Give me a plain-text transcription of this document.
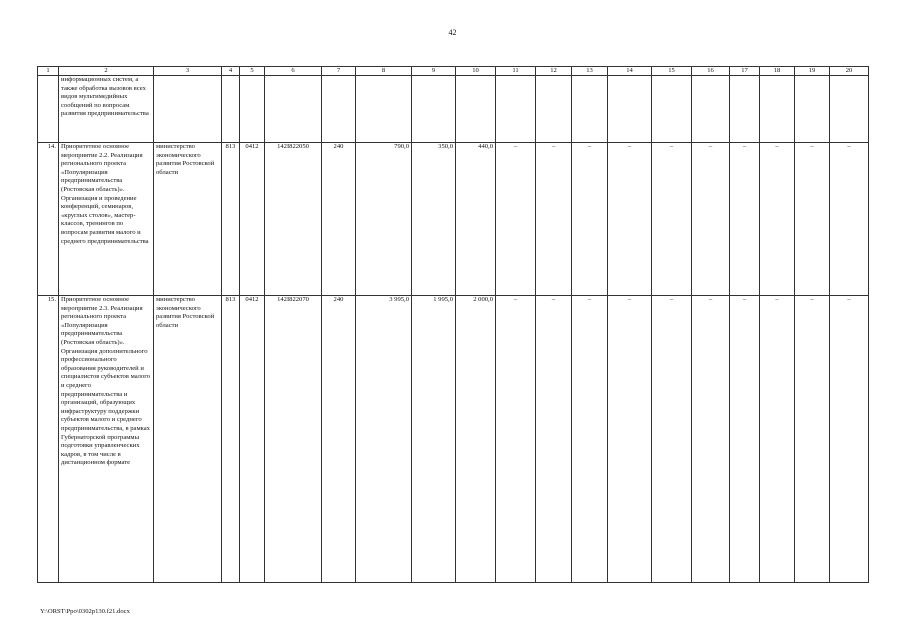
42
1	2	3	4	5	6	7	8	9	10	11	12	13	14	15	16	17	18	19	20
	информационных систем, а также обработка вызовов всех видов мультимедийных сообщений по вопросам развития предпринимательства																		
14.	Приоритетное основное мероприятие 2.2. Реализация регионального проекта «Популяризация предпринимательства (Ростовская область)». Организация и проведение конференций, семинаров, «круглых столов», мастер-классов, тренингов по вопросам развития малого и среднего предпринимательства	министерство экономического развития Ростовской области	813	0412	142I822050	240	790,0	350,0	440,0	–	–	–	–	–	–	–	–	–	–
15.	Приоритетное основное мероприятие 2.3. Реализация регионального проекта «Популяризация предпринимательства (Ростовская область)». Организация дополнительного профессионального образования руководителей и специалистов субъектов малого и среднего предпринимательства и организаций, образующих инфраструктуру поддержки субъектов малого и среднего предпринимательства, в рамках Губернаторской программы подготовки управленческих кадров, в том числе в дистанционном формате	министерство экономического развития Ростовской области	813	0412	142I822070	240	3 995,0	1 995,0	2 000,0	–	–	–	–	–	–	–	–	–	–
Y:\ORST\Ppo\0302p130.f21.docx
